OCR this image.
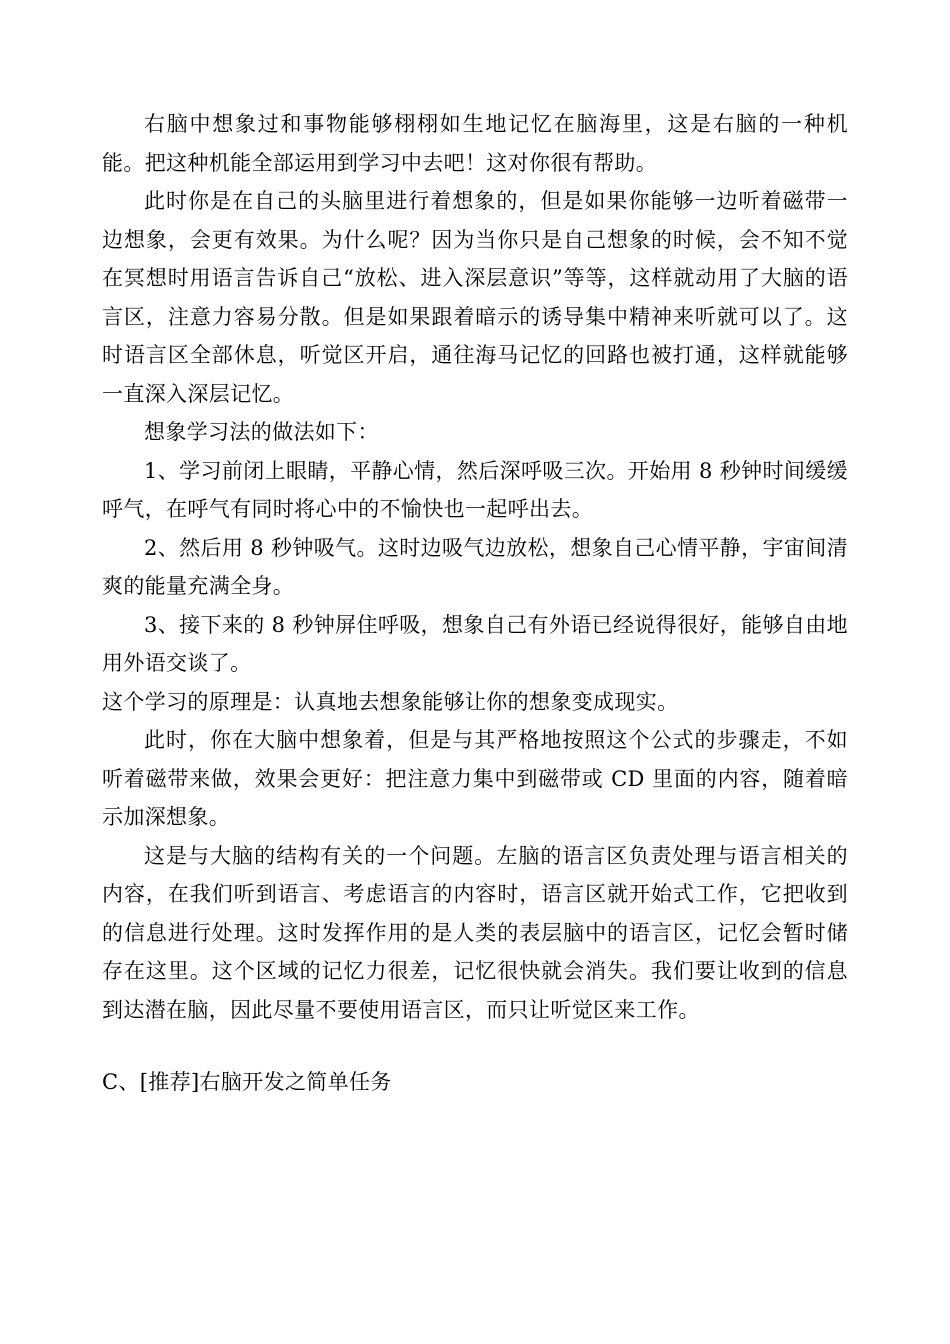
右脑中想象过和事物能够栩栩如生地记忆在脑海里，这是右脑的一种机能。把这种机能全部运用到学习中去吧！这对你很有帮助。

此时你是在自己的头脑里进行着想象的，但是如果你能够一边听着磁带一边想象，会更有效果。为什么呢？因为当你只是自己想象的时候，会不知不觉在冥想时用语言告诉自己“放松、进入深层意识”等等，这样就动用了大脑的语言区，注意力容易分散。但是如果跟着暗示的诱导集中精神来听就可以了。这时语言区全部休息，听觉区开启，通往海马记忆的回路也被打通，这样就能够一直深入深层记忆。

想象学习法的做法如下：

1、学习前闭上眼睛，平静心情，然后深呼吸三次。开始用 8 秒钟时间缓缓呼气，在呼气有同时将心中的不愉快也一起呼出去。

2、然后用 8 秒钟吸气。这时边吸气边放松，想象自己心情平静，宇宙间清爽的能量充满全身。

3、接下来的 8 秒钟屏住呼吸，想象自己有外语已经说得很好，能够自由地用外语交谈了。

这个学习的原理是：认真地去想象能够让你的想象变成现实。

此时，你在大脑中想象着，但是与其严格地按照这个公式的步骤走，不如听着磁带来做，效果会更好：把注意力集中到磁带或 CD 里面的内容，随着暗示加深想象。

这是与大脑的结构有关的一个问题。左脑的语言区负责处理与语言相关的内容，在我们听到语言、考虑语言的内容时，语言区就开始式工作，它把收到的信息进行处理。这时发挥作用的是人类的表层脑中的语言区，记忆会暂时储存在这里。这个区域的记忆力很差，记忆很快就会消失。我们要让收到的信息到达潜在脑，因此尽量不要使用语言区，而只让听觉区来工作。

C、[推荐]右脑开发之简单任务
